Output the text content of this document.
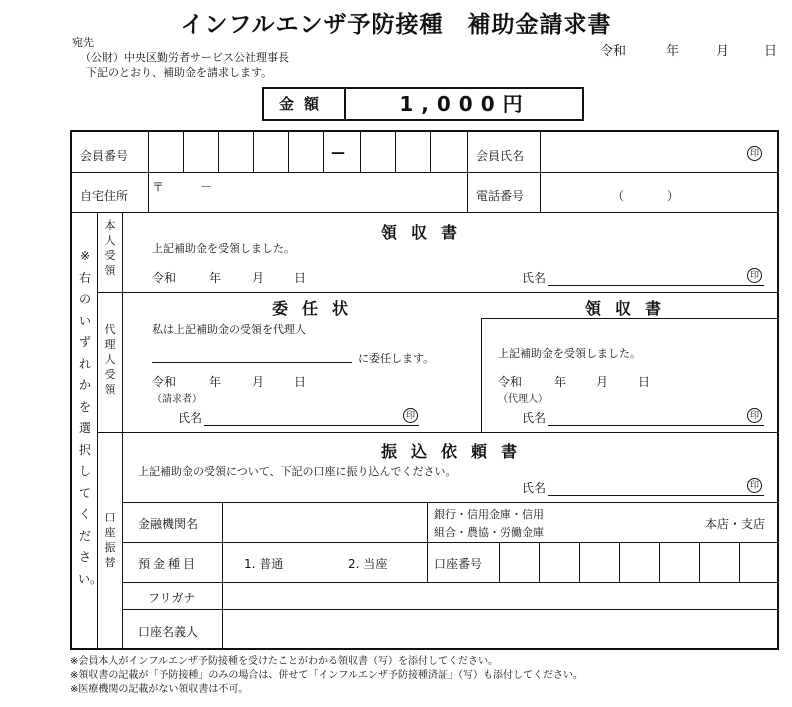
インフルエンザ予防接種　補助金請求書
宛先
（公財）中央区勤労者サービス公社理事長
下記のとおり、補助金を請求します。
令和	年	月	日
金額	1,000円
会員番号	—	会員氏名	印
自宅住所
〒	－
電話番号	（	）
※右のいずれかを選択してください。
本人受領
領収書
上記補助金を受領しました。
令和	年	月 日	氏名	印
代理人受領
委任状
私は上記補助金の受領を代理人
に委任します。
令和	年	月 日
（請求者）
氏名	印
領収書
上記補助金を受領しました。
令和	年 月 日
（代理人）
氏名	印
口座振替
振込依頼書
上記補助金の受領について、下記の口座に振り込んでください。
氏名	印
金融機関名
銀行・信用金庫・信用
組合・農協・労働金庫
本店・支店
預金種目	1. 普通	2. 当座	口座番号
フリガナ
口座名義人
※会員本人がインフルエンザ予防接種を受けたことがわかる領収書（写）を添付してください。
※領収書の記載が「予防接種」のみの場合は、併せて「インフルエンザ予防接種済証」（写）も添付してください。
※医療機関の記載がない領収書は不可。
